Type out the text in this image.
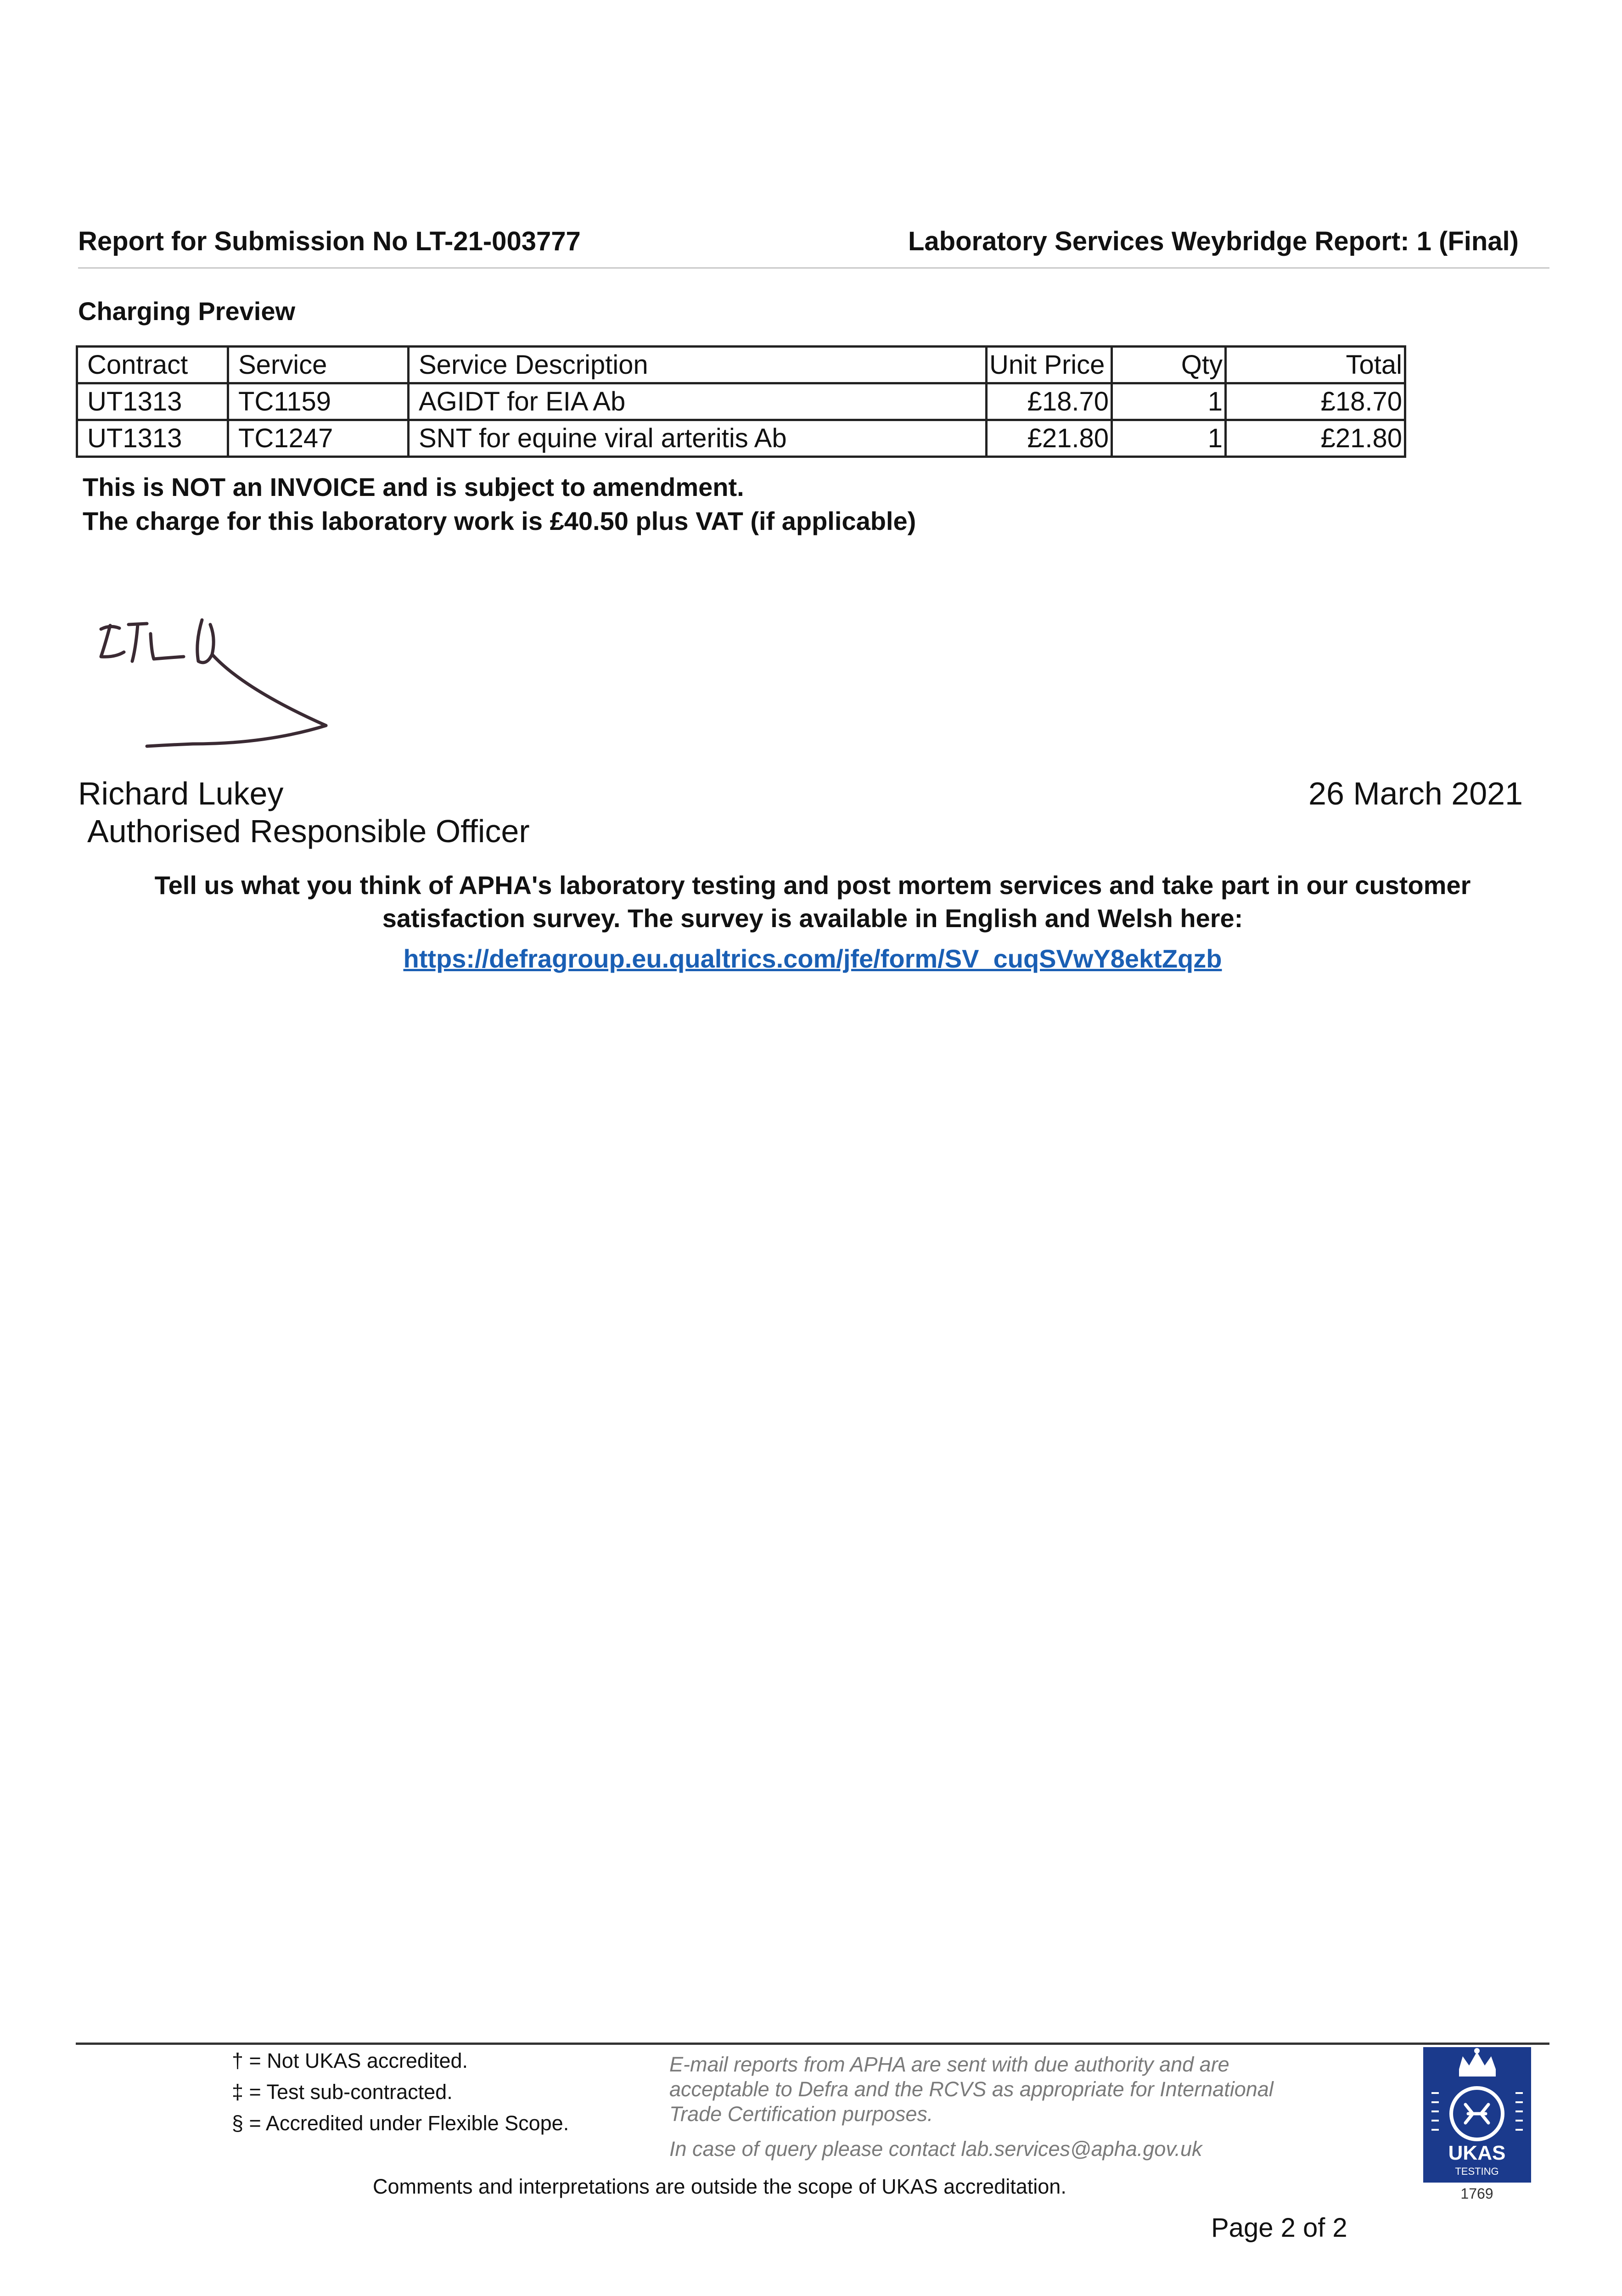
Report for Submission No LT-21-003777	Laboratory Services Weybridge Report: 1 (Final)
Charging Preview
Contract	Service	Service Description	Unit Price	Qty	Total
UT1313	TC1159	AGIDT for EIA Ab	£18.70	1	£18.70
UT1313	TC1247	SNT for equine viral arteritis Ab	£21.80	1	£21.80
This is NOT an INVOICE and is subject to amendment.
The charge for this laboratory work is £40.50 plus VAT (if applicable)
Richard Lukey
Authorised Responsible Officer
26 March 2021
Tell us what you think of APHA's laboratory testing and post mortem services and take part in our customer
satisfaction survey. The survey is available in English and Welsh here:
https://defragroup.eu.qualtrics.com/jfe/form/SV_cuqSVwY8ektZqzb
† = Not UKAS accredited.
‡ = Test sub-contracted.
§ = Accredited under Flexible Scope.
E-mail reports from APHA are sent with due authority and are
acceptable to Defra and the RCVS as appropriate for International
Trade Certification purposes.
In case of query please contact lab.services@apha.gov.uk
Comments and interpretations are outside the scope of UKAS accreditation.
Page 2 of 2
UKAS
TESTING
1769
